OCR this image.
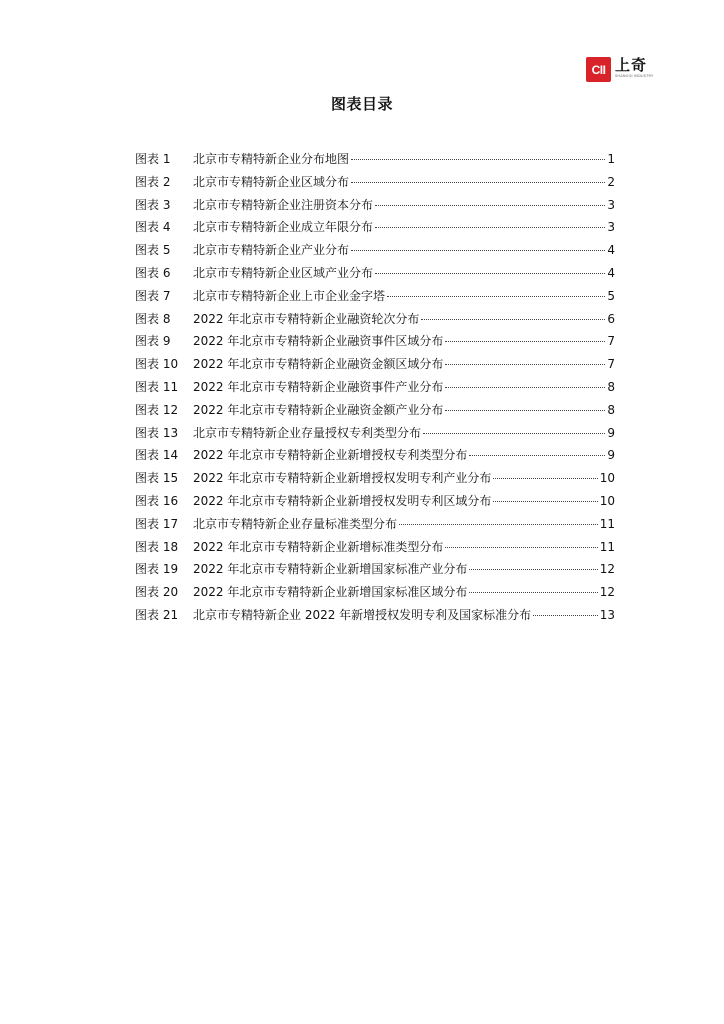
CII 上奇
SHANGQI INDUSTRY
图表目录
图表 1	北京市专精特新企业分布地图	1
图表 2	北京市专精特新企业区域分布	2
图表 3	北京市专精特新企业注册资本分布	3
图表 4	北京市专精特新企业成立年限分布	3
图表 5	北京市专精特新企业产业分布	4
图表 6	北京市专精特新企业区域产业分布	4
图表 7	北京市专精特新企业上市企业金字塔	5
图表 8	2022 年北京市专精特新企业融资轮次分布	6
图表 9	2022 年北京市专精特新企业融资事件区域分布	7
图表 10	2022 年北京市专精特新企业融资金额区域分布	7
图表 11	2022 年北京市专精特新企业融资事件产业分布	8
图表 12	2022 年北京市专精特新企业融资金额产业分布	8
图表 13	北京市专精特新企业存量授权专利类型分布	9
图表 14	2022 年北京市专精特新企业新增授权专利类型分布	9
图表 15	2022 年北京市专精特新企业新增授权发明专利产业分布	10
图表 16	2022 年北京市专精特新企业新增授权发明专利区域分布	10
图表 17	北京市专精特新企业存量标准类型分布	11
图表 18	2022 年北京市专精特新企业新增标准类型分布	11
图表 19	2022 年北京市专精特新企业新增国家标准产业分布	12
图表 20	2022 年北京市专精特新企业新增国家标准区域分布	12
图表 21	北京市专精特新企业 2022 年新增授权发明专利及国家标准分布	13
